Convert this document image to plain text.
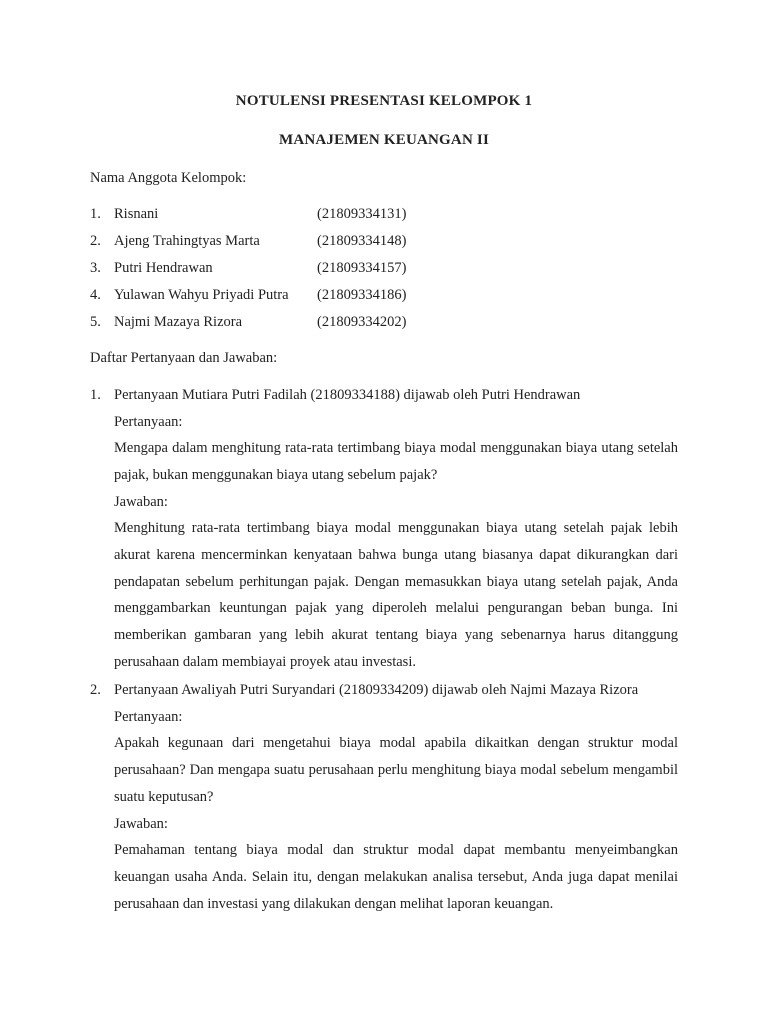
NOTULENSI PRESENTASI KELOMPOK 1
MANAJEMEN KEUANGAN II
Nama Anggota Kelompok:
1. Risnani	(21809334131)
2. Ajeng Trahingtyas Marta	(21809334148)
3. Putri Hendrawan	(21809334157)
4. Yulawan Wahyu Priyadi Putra (21809334186)
5. Najmi Mazaya Rizora	(21809334202)
Daftar Pertanyaan dan Jawaban:
1. Pertanyaan Mutiara Putri Fadilah (21809334188) dijawab oleh Putri Hendrawan
Pertanyaan:
Mengapa dalam menghitung rata-rata tertimbang biaya modal menggunakan biaya utang setelah pajak, bukan menggunakan biaya utang sebelum pajak?
Jawaban:
Menghitung rata-rata tertimbang biaya modal menggunakan biaya utang setelah pajak lebih akurat karena mencerminkan kenyataan bahwa bunga utang biasanya dapat dikurangkan dari pendapatan sebelum perhitungan pajak. Dengan memasukkan biaya utang setelah pajak, Anda menggambarkan keuntungan pajak yang diperoleh melalui pengurangan beban bunga. Ini memberikan gambaran yang lebih akurat tentang biaya yang sebenarnya harus ditanggung perusahaan dalam membiayai proyek atau investasi.
2. Pertanyaan Awaliyah Putri Suryandari (21809334209) dijawab oleh Najmi Mazaya Rizora
Pertanyaan:
Apakah kegunaan dari mengetahui biaya modal apabila dikaitkan dengan struktur modal perusahaan? Dan mengapa suatu perusahaan perlu menghitung biaya modal sebelum mengambil suatu keputusan?
Jawaban:
Pemahaman tentang biaya modal dan struktur modal dapat membantu menyeimbangkan keuangan usaha Anda. Selain itu, dengan melakukan analisa tersebut, Anda juga dapat menilai perusahaan dan investasi yang dilakukan dengan melihat laporan keuangan.
